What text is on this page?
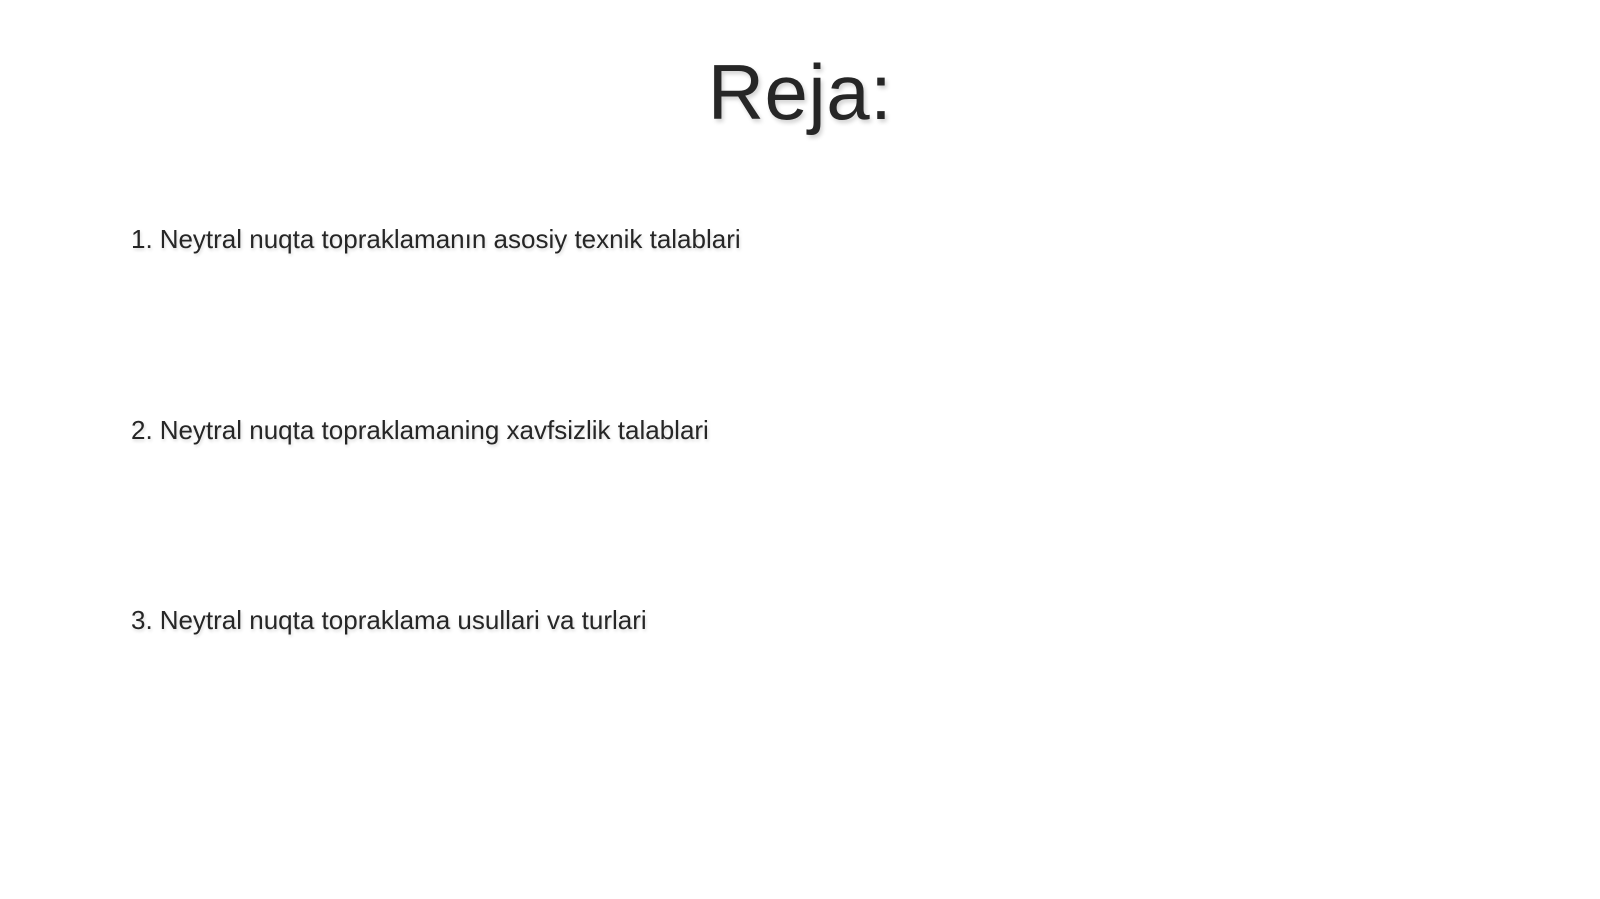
Reja:
1. Neytral nuqta topraklamanın asosiy texnik talablari
2. Neytral nuqta topraklamaning xavfsizlik talablari
3. Neytral nuqta topraklama usullari va turlari
